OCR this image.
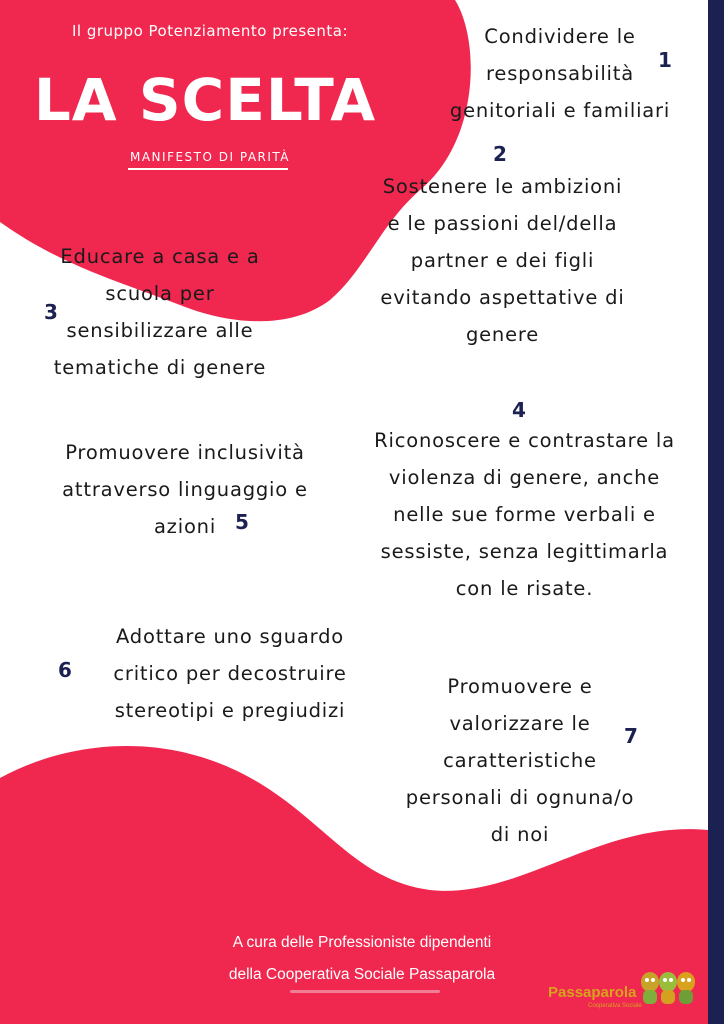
Il gruppo Potenziamento presenta:
LA SCELTA
MANIFESTO DI PARITÀ
Condividere le
responsabilità
genitoriali e familiari
1
2
Sostenere le ambizioni
e le passioni del/della
partner e dei figli
evitando aspettative di
genere
Educare a casa e a
scuola per
sensibilizzare alle
tematiche di genere
3
4
Riconoscere e contrastare la
violenza di genere, anche
nelle sue forme verbali e
sessiste, senza legittimarla
con le risate.
Promuovere inclusività
attraverso linguaggio e
azioni 5
6
Adottare uno sguardo
critico per decostruire
stereotipi e pregiudizi
Promuovere e
valorizzare le
caratteristiche
personali di ognuna/o
di noi
7
A cura delle Professioniste dipendenti
della Cooperativa Sociale Passaparola
Passaparola
Cooperativa Sociale
